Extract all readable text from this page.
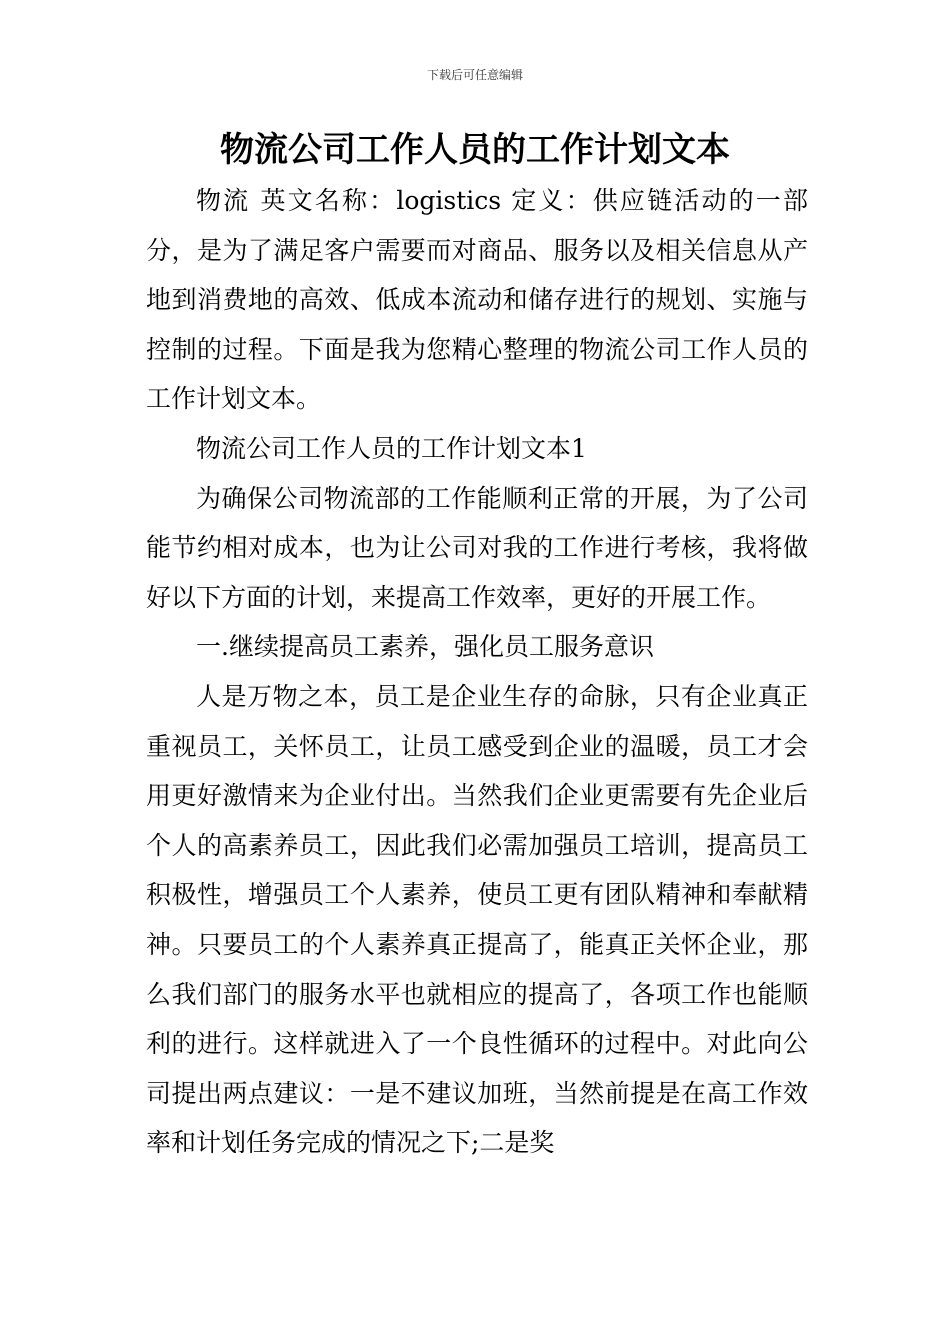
下载后可任意编辑
物流公司工作人员的工作计划文本

物流 英文名称：logistics 定义：供应链活动的一部分，是为了满足客户需要而对商品、服务以及相关信息从产地到消费地的高效、低成本流动和储存进行的规划、实施与控制的过程。下面是我为您精心整理的物流公司工作人员的工作计划文本。

物流公司工作人员的工作计划文本1

为确保公司物流部的工作能顺利正常的开展，为了公司能节约相对成本，也为让公司对我的工作进行考核，我将做好以下方面的计划，来提高工作效率，更好的开展工作。

一.继续提高员工素养，强化员工服务意识

人是万物之本，员工是企业生存的命脉，只有企业真正重视员工，关怀员工，让员工感受到企业的温暖，员工才会用更好激情来为企业付出。当然我们企业更需要有先企业后个人的高素养员工，因此我们必需加强员工培训，提高员工积极性，增强员工个人素养，使员工更有团队精神和奉献精神。只要员工的个人素养真正提高了，能真正关怀企业，那么我们部门的服务水平也就相应的提高了，各项工作也能顺利的进行。这样就进入了一个良性循环的过程中。对此向公司提出两点建议：一是不建议加班，当然前提是在高工作效率和计划任务完成的情况之下;二是奖
